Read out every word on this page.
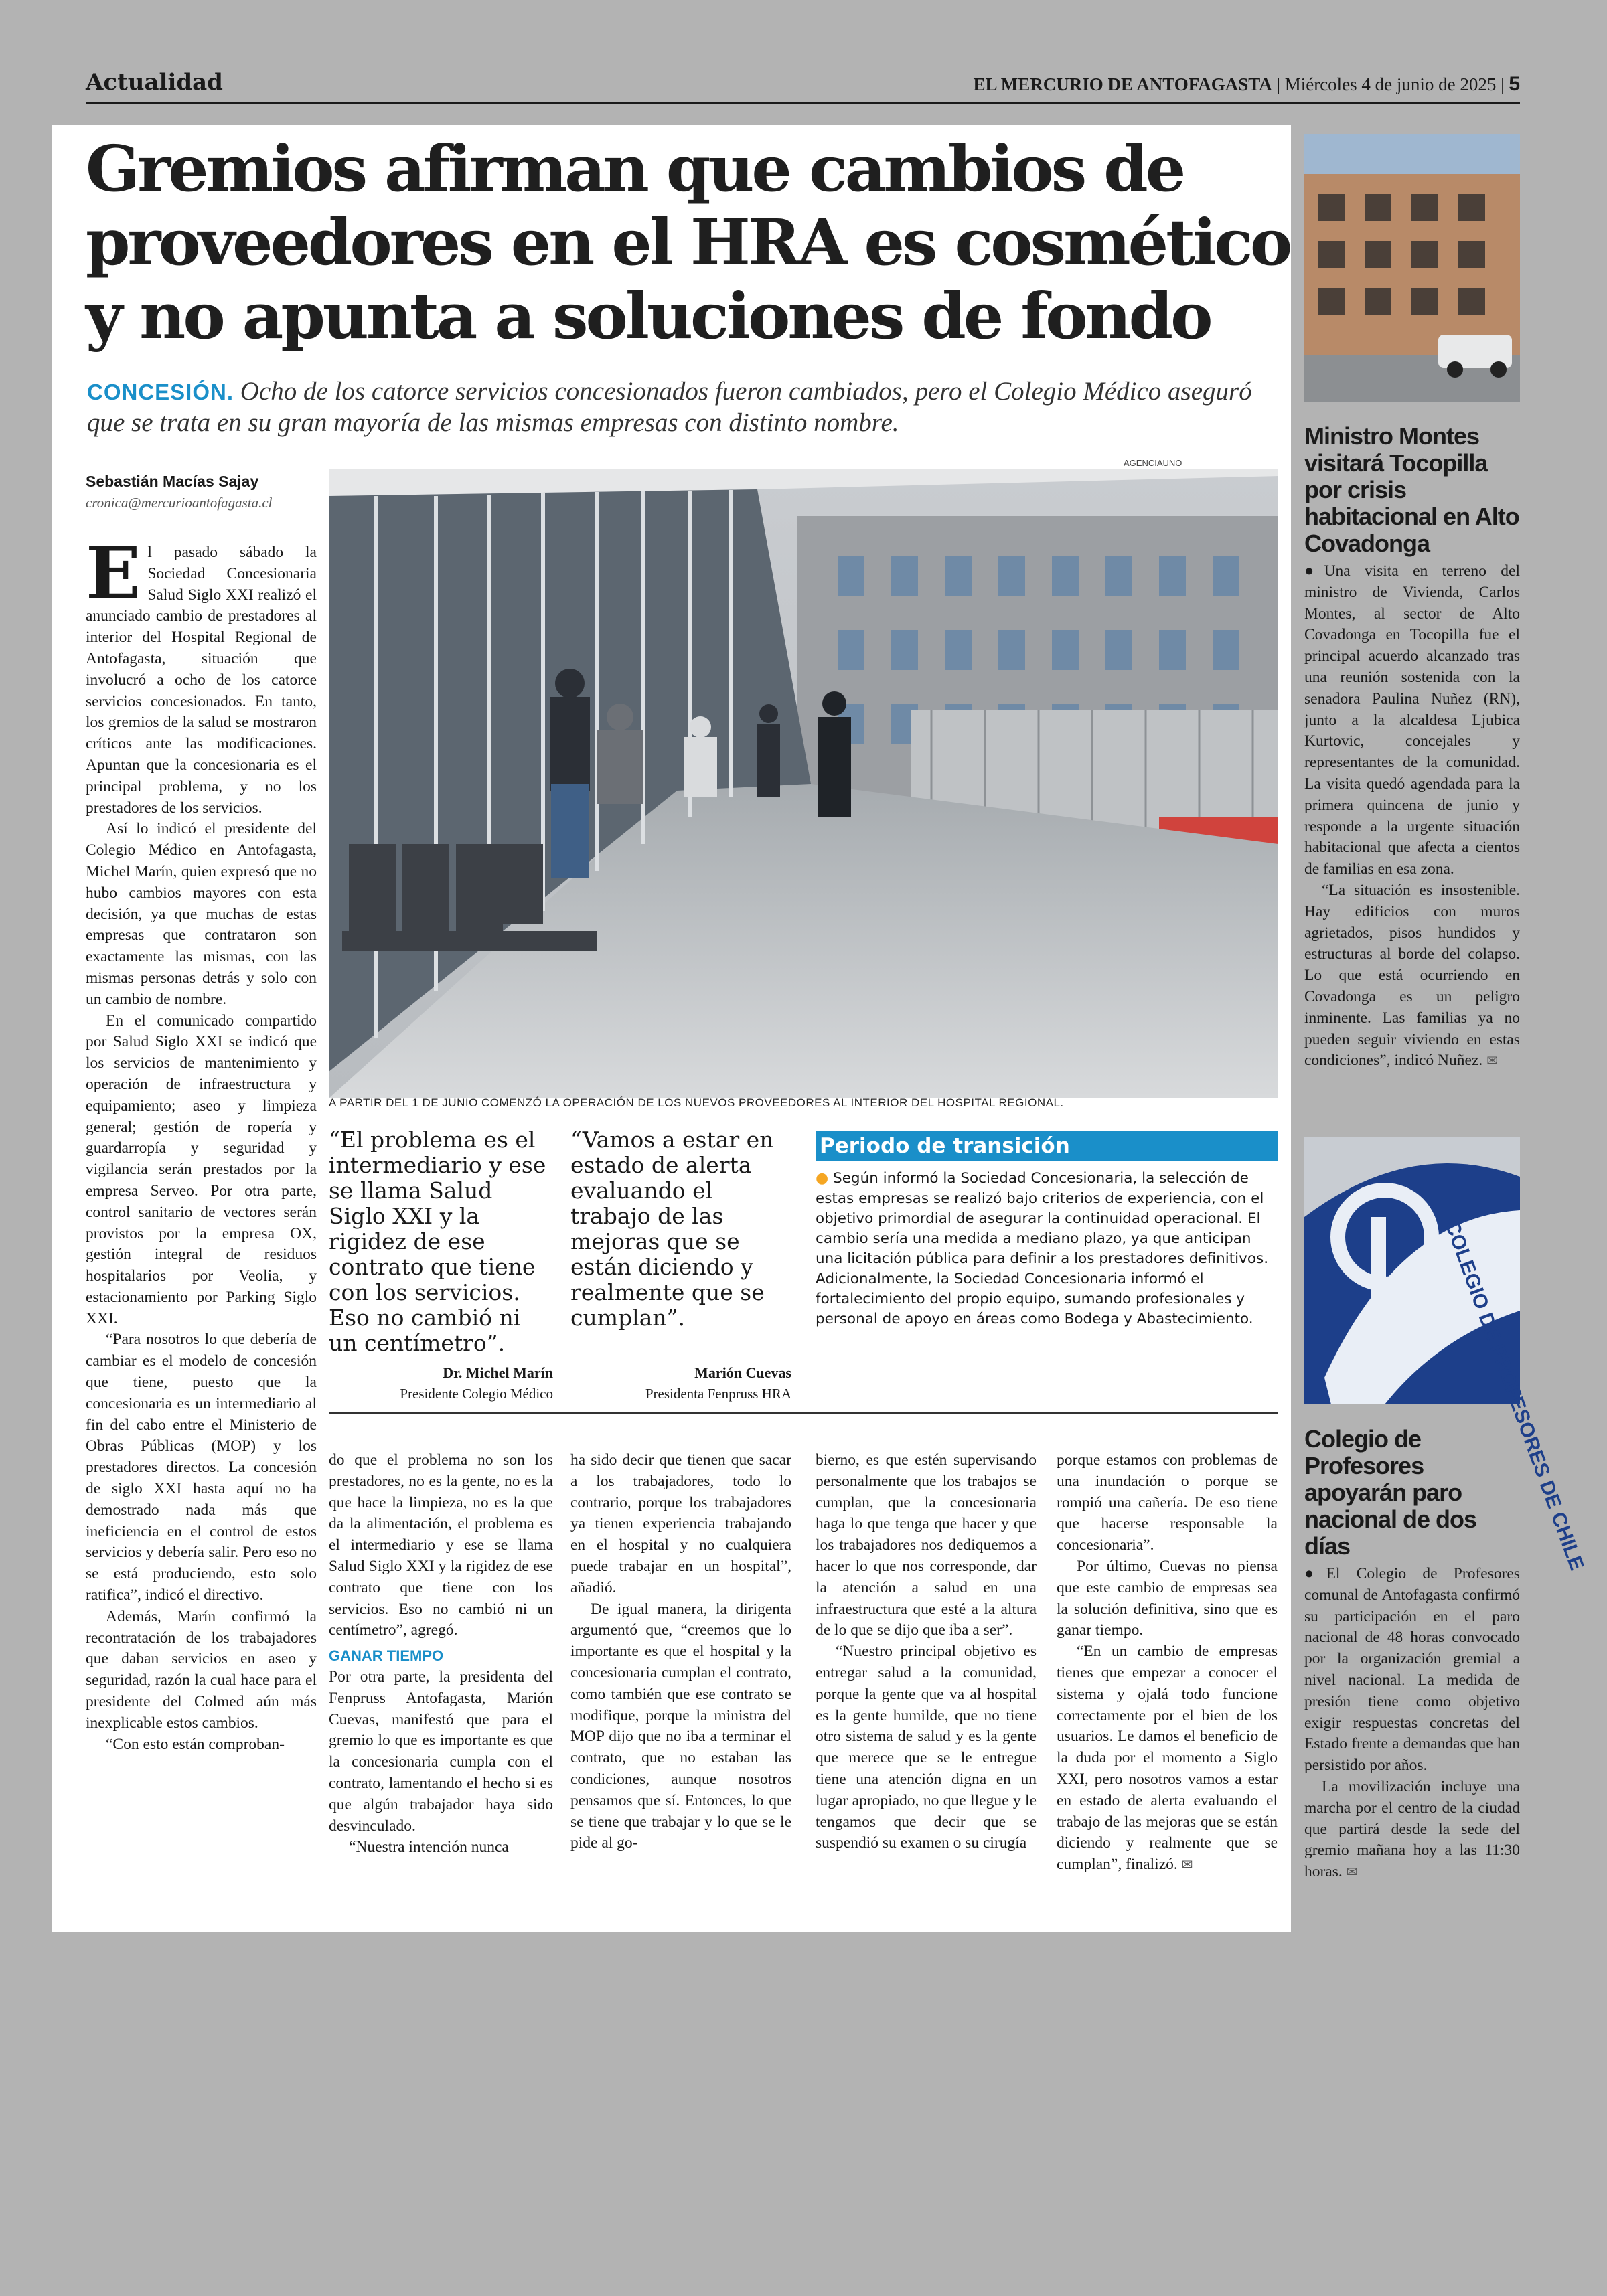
Actualidad	EL MERCURIO DE ANTOFAGASTA | Miércoles 4 de junio de 2025 | 5
Gremios afirman que cambios de proveedores en el HRA es cosmético y no apunta a soluciones de fondo
CONCESIÓN. Ocho de los catorce servicios concesionados fueron cambiados, pero el Colegio Médico aseguró que se trata en su gran mayoría de las mismas empresas con distinto nombre.
Sebastián Macías Sajay
cronica@mercurioantofagasta.cl

El pasado sábado la Sociedad Concesionaria Salud Siglo XXI realizó el anunciado cambio de prestadores al interior del Hospital Regional de Antofagasta, situación que involucró a ocho de los catorce servicios concesionados. En tanto, los gremios de la salud se mostraron críticos ante las modificaciones. Apuntan que la concesionaria es el principal problema, y no los prestadores de los servicios.

Así lo indicó el presidente del Colegio Médico en Antofagasta, Michel Marín, quien expresó que no hubo cambios mayores con esta decisión, ya que muchas de estas empresas que contrataron son exactamente las mismas, con las mismas personas detrás y solo con un cambio de nombre.

En el comunicado compartido por Salud Siglo XXI se indicó que los servicios de mantenimiento y operación de infraestructura y equipamiento; aseo y limpieza general; gestión de ropería y guardarropía y seguridad y vigilancia serán prestados por la empresa Serveo. Por otra parte, control sanitario de vectores serán provistos por la empresa OX, gestión integral de residuos hospitalarios por Veolia, y estacionamiento por Parking Siglo XXI.

“Para nosotros lo que debería de cambiar es el modelo de concesión que tiene, puesto que la concesionaria es un intermediario al fin del cabo entre el Ministerio de Obras Públicas (MOP) y los prestadores directos. La concesión de siglo XXI hasta aquí no ha demostrado nada más que ineficiencia en el control de estos servicios y debería salir. Pero eso no se está produciendo, esto solo ratifica”, indicó el directivo.

Además, Marín confirmó la recontratación de los trabajadores que daban servicios en aseo y seguridad, razón la cual hace para el presidente del Colmed aún más inexplicable estos cambios.

“Con esto están comproban-

AGENCIAUNO
A PARTIR DEL 1 DE JUNIO COMENZÓ LA OPERACIÓN DE LOS NUEVOS PROVEEDORES AL INTERIOR DEL HOSPITAL REGIONAL.
“El problema es el intermediario y ese se llama Salud Siglo XXI y la rigidez de ese contrato que tiene con los servicios. Eso no cambió ni un centímetro”.
Dr. Michel Marín
Presidente Colegio Médico
“Vamos a estar en estado de alerta evaluando el trabajo de las mejoras que se están diciendo y realmente que se cumplan”.
Marión Cuevas
Presidenta Fenpruss HRA
Periodo de transición
● Según informó la Sociedad Concesionaria, la selección de estas empresas se realizó bajo criterios de experiencia, con el objetivo primordial de asegurar la continuidad operacional. El cambio sería una medida a mediano plazo, ya que anticipan una licitación pública para definir a los prestadores definitivos. Adicionalmente, la Sociedad Concesionaria informó el fortalecimiento del propio equipo, sumando profesionales y personal de apoyo en áreas como Bodega y Abastecimiento.

do que el problema no son los prestadores, no es la gente, no es la que hace la limpieza, no es la que da la alimentación, el problema es el intermediario y ese se llama Salud Siglo XXI y la rigidez de ese contrato que tiene con los servicios. Eso no cambió ni un centímetro”, agregó.

GANAR TIEMPO

Por otra parte, la presidenta del Fenpruss Antofagasta, Marión Cuevas, manifestó que para el gremio lo que es importante es que la concesionaria cumpla con el contrato, lamentando el hecho si es que algún trabajador haya sido desvinculado.

“Nuestra intención nunca

ha sido decir que tienen que sacar a los trabajadores, todo lo contrario, porque los trabajadores ya tienen experiencia trabajando en el hospital y no cualquiera puede trabajar en un hospital”, añadió.

De igual manera, la dirigenta argumentó que, “creemos que lo importante es que el hospital y la concesionaria cumplan el contrato, como también que ese contrato se modifique, porque la ministra del MOP dijo que no iba a terminar el contrato, que no estaban las condiciones, aunque nosotros pensamos que sí. Entonces, lo que se tiene que trabajar y lo que se le pide al go-

bierno, es que estén supervisando personalmente que los trabajos se cumplan, que la concesionaria haga lo que tenga que hacer y que los trabajadores nos dediquemos a hacer lo que nos corresponde, dar la atención a salud en una infraestructura que esté a la altura de lo que se dijo que iba a ser”.

“Nuestro principal objetivo es entregar salud a la comunidad, porque la gente que va al hospital es la gente humilde, que no tiene otro sistema de salud y es la gente que merece que se le entregue tiene una atención digna en un lugar apropiado, no que llegue y le tengamos que decir que se suspendió su examen o su cirugía

porque estamos con problemas de una inundación o porque se rompió una cañería. De eso tiene que hacerse responsable la concesionaria”.

Por último, Cuevas no piensa que este cambio de empresas sea la solución definitiva, sino que es ganar tiempo.

“En un cambio de empresas tienes que empezar a conocer el sistema y ojalá todo funcione correctamente por el bien de los usuarios. Le damos el beneficio de la duda por el momento a Siglo XXI, pero nosotros vamos a estar en estado de alerta evaluando el trabajo de las mejoras que se están diciendo y realmente que se cumplan”, finalizó. ✉

Ministro Montes visitará Tocopilla por crisis habitacional en Alto Covadonga

●Una visita en terreno del ministro de Vivienda, Carlos Montes, al sector de Alto Covadonga en Tocopilla fue el principal acuerdo alcanzado tras una reunión sostenida con la senadora Paulina Nuñez (RN), junto a la alcaldesa Ljubica Kurtovic, concejales y representantes de la comunidad. La visita quedó agendada para la primera quincena de junio y responde a la urgente situación habitacional que afecta a cientos de familias en esa zona.

“La situación es insostenible. Hay edificios con muros agrietados, pisos hundidos y estructuras al borde del colapso. Lo que está ocurriendo en Covadonga es un peligro inminente. Las familias ya no pueden seguir viviendo en estas condiciones”, indicó Nuñez. ✉

COLEGIO DE PROFESORES DE CHILE
Colegio de Profesores apoyarán paro nacional de dos días

●El Colegio de Profesores comunal de Antofagasta confirmó su participación en el paro nacional de 48 horas convocado por la organización gremial a nivel nacional. La medida de presión tiene como objetivo exigir respuestas concretas del Estado frente a demandas que han persistido por años.

La movilización incluye una marcha por el centro de la ciudad que partirá desde la sede del gremio mañana hoy a las 11:30 horas. ✉
